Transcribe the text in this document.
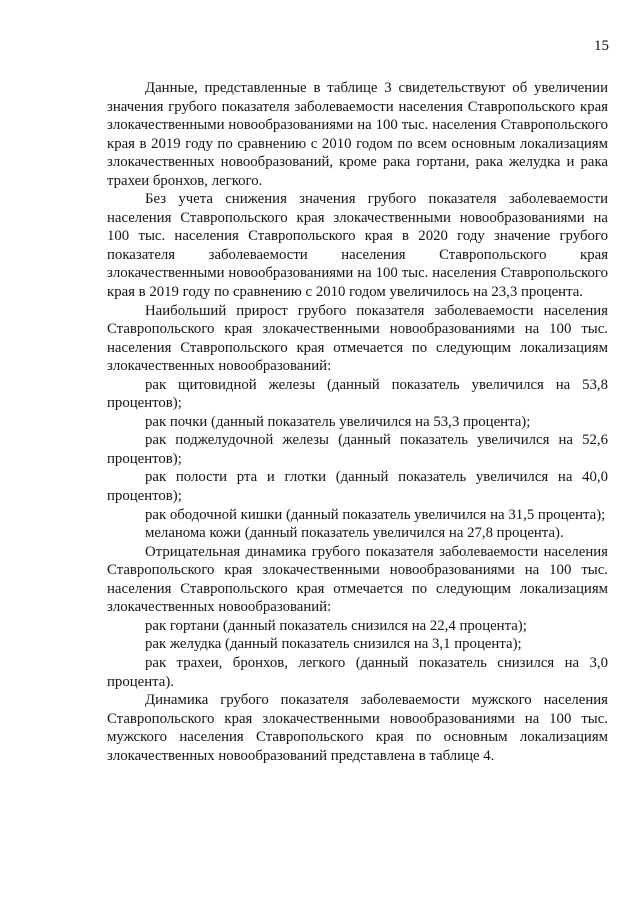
15

Данные, представленные в таблице 3 свидетельствуют об увеличении значения грубого показателя заболеваемости населения Ставропольского края злокачественными новообразованиями на 100 тыс. населения Ставропольского края в 2019 году по сравнению с 2010 годом по всем основным локализациям злокачественных новообразований, кроме рака гортани, рака желудка и рака трахеи бронхов, легкого.

Без учета снижения значения грубого показателя заболеваемости населения Ставропольского края злокачественными новообразованиями на 100 тыс. населения Ставропольского края в 2020 году значение грубого показателя заболеваемости населения Ставропольского края злокачественными новообразованиями на 100 тыс. населения Ставропольского края в 2019 году по сравнению с 2010 годом увеличилось на 23,3 процента.

Наибольший прирост грубого показателя заболеваемости населения Ставропольского края злокачественными новообразованиями на 100 тыс. населения Ставропольского края отмечается по следующим локализациям злокачественных новообразований:

рак щитовидной железы (данный показатель увеличился на 53,8 процентов);

рак почки (данный показатель увеличился на 53,3 процента);

рак поджелудочной железы (данный показатель увеличился на 52,6 процентов);

рак полости рта и глотки (данный показатель увеличился на 40,0 процентов);

рак ободочной кишки (данный показатель увеличился на 31,5 процента);

меланома кожи (данный показатель увеличился на 27,8 процента).

Отрицательная динамика грубого показателя заболеваемости населения Ставропольского края злокачественными новообразованиями на 100 тыс. населения Ставропольского края отмечается по следующим локализациям злокачественных новообразований:

рак гортани (данный показатель снизился на 22,4 процента);

рак желудка (данный показатель снизился на 3,1 процента);

рак трахеи, бронхов, легкого (данный показатель снизился на 3,0 процента).

Динамика грубого показателя заболеваемости мужского населения Ставропольского края злокачественными новообразованиями на 100 тыс. мужского населения Ставропольского края по основным локализациям злокачественных новообразований представлена в таблице 4.
